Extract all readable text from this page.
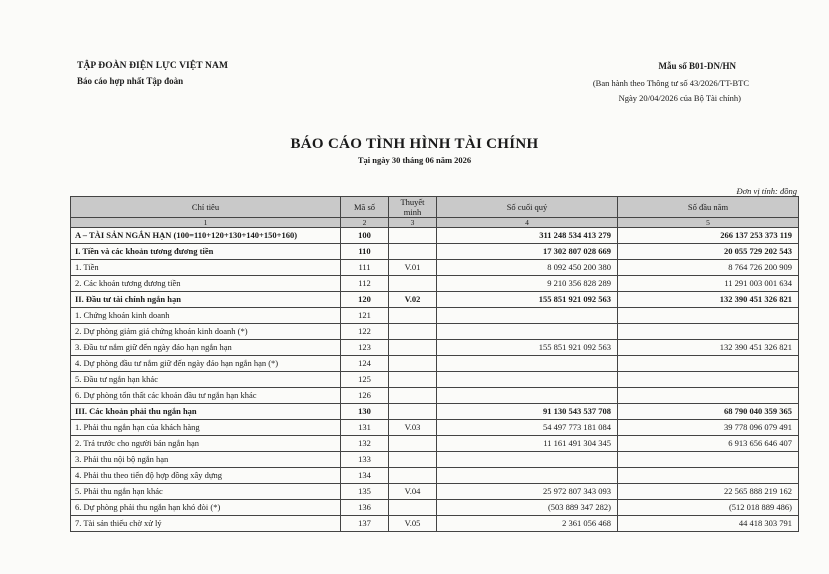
TẬP ĐOÀN ĐIỆN LỰC VIỆT NAM
Báo cáo hợp nhất Tập đoàn
Mẫu số B01-DN/HN
(Ban hành theo Thông tư số 43/2026/TT-BTC
Ngày 20/04/2026 của Bộ Tài chính)
BÁO CÁO TÌNH HÌNH TÀI CHÍNH
Tại ngày 30 tháng 06 năm 2026
Đơn vị tính: đồng
Chỉ tiêu	Mã số	Thuyết minh	Số cuối quý	Số đầu năm
1	2	3	4	5
A – TÀI SẢN NGẮN HẠN (100=110+120+130+140+150+160)	100		311 248 534 413 279	266 137 253 373 119
I. Tiền và các khoản tương đương tiền	110		17 302 807 028 669	20 055 729 202 543
1. Tiền	111	V.01	8 092 450 200 380	8 764 726 200 909
2. Các khoản tương đương tiền	112		9 210 356 828 289	11 291 003 001 634
II. Đầu tư tài chính ngắn hạn	120	V.02	155 851 921 092 563	132 390 451 326 821
1. Chứng khoán kinh doanh	121			
2. Dự phòng giảm giá chứng khoán kinh doanh (*)	122			
3. Đầu tư nắm giữ đến ngày đáo hạn ngắn hạn	123		155 851 921 092 563	132 390 451 326 821
4. Dự phòng đầu tư nắm giữ đến ngày đáo hạn ngắn hạn (*)	124			
5. Đầu tư ngắn hạn khác	125			
6. Dự phòng tổn thất các khoản đầu tư ngắn hạn khác	126			
III. Các khoản phải thu ngắn hạn	130		91 130 543 537 708	68 790 040 359 365
1. Phải thu ngắn hạn của khách hàng	131	V.03	54 497 773 181 084	39 778 096 079 491
2. Trả trước cho người bán ngắn hạn	132		11 161 491 304 345	6 913 656 646 407
3. Phải thu nội bộ ngắn hạn	133			
4. Phải thu theo tiến độ hợp đồng xây dựng	134			
5. Phải thu ngắn hạn khác	135	V.04	25 972 807 343 093	22 565 888 219 162
6. Dự phòng phải thu ngắn hạn khó đòi (*)	136		(503 889 347 282)	(512 018 889 486)
7. Tài sản thiếu chờ xử lý	137	V.05	2 361 056 468	44 418 303 791
